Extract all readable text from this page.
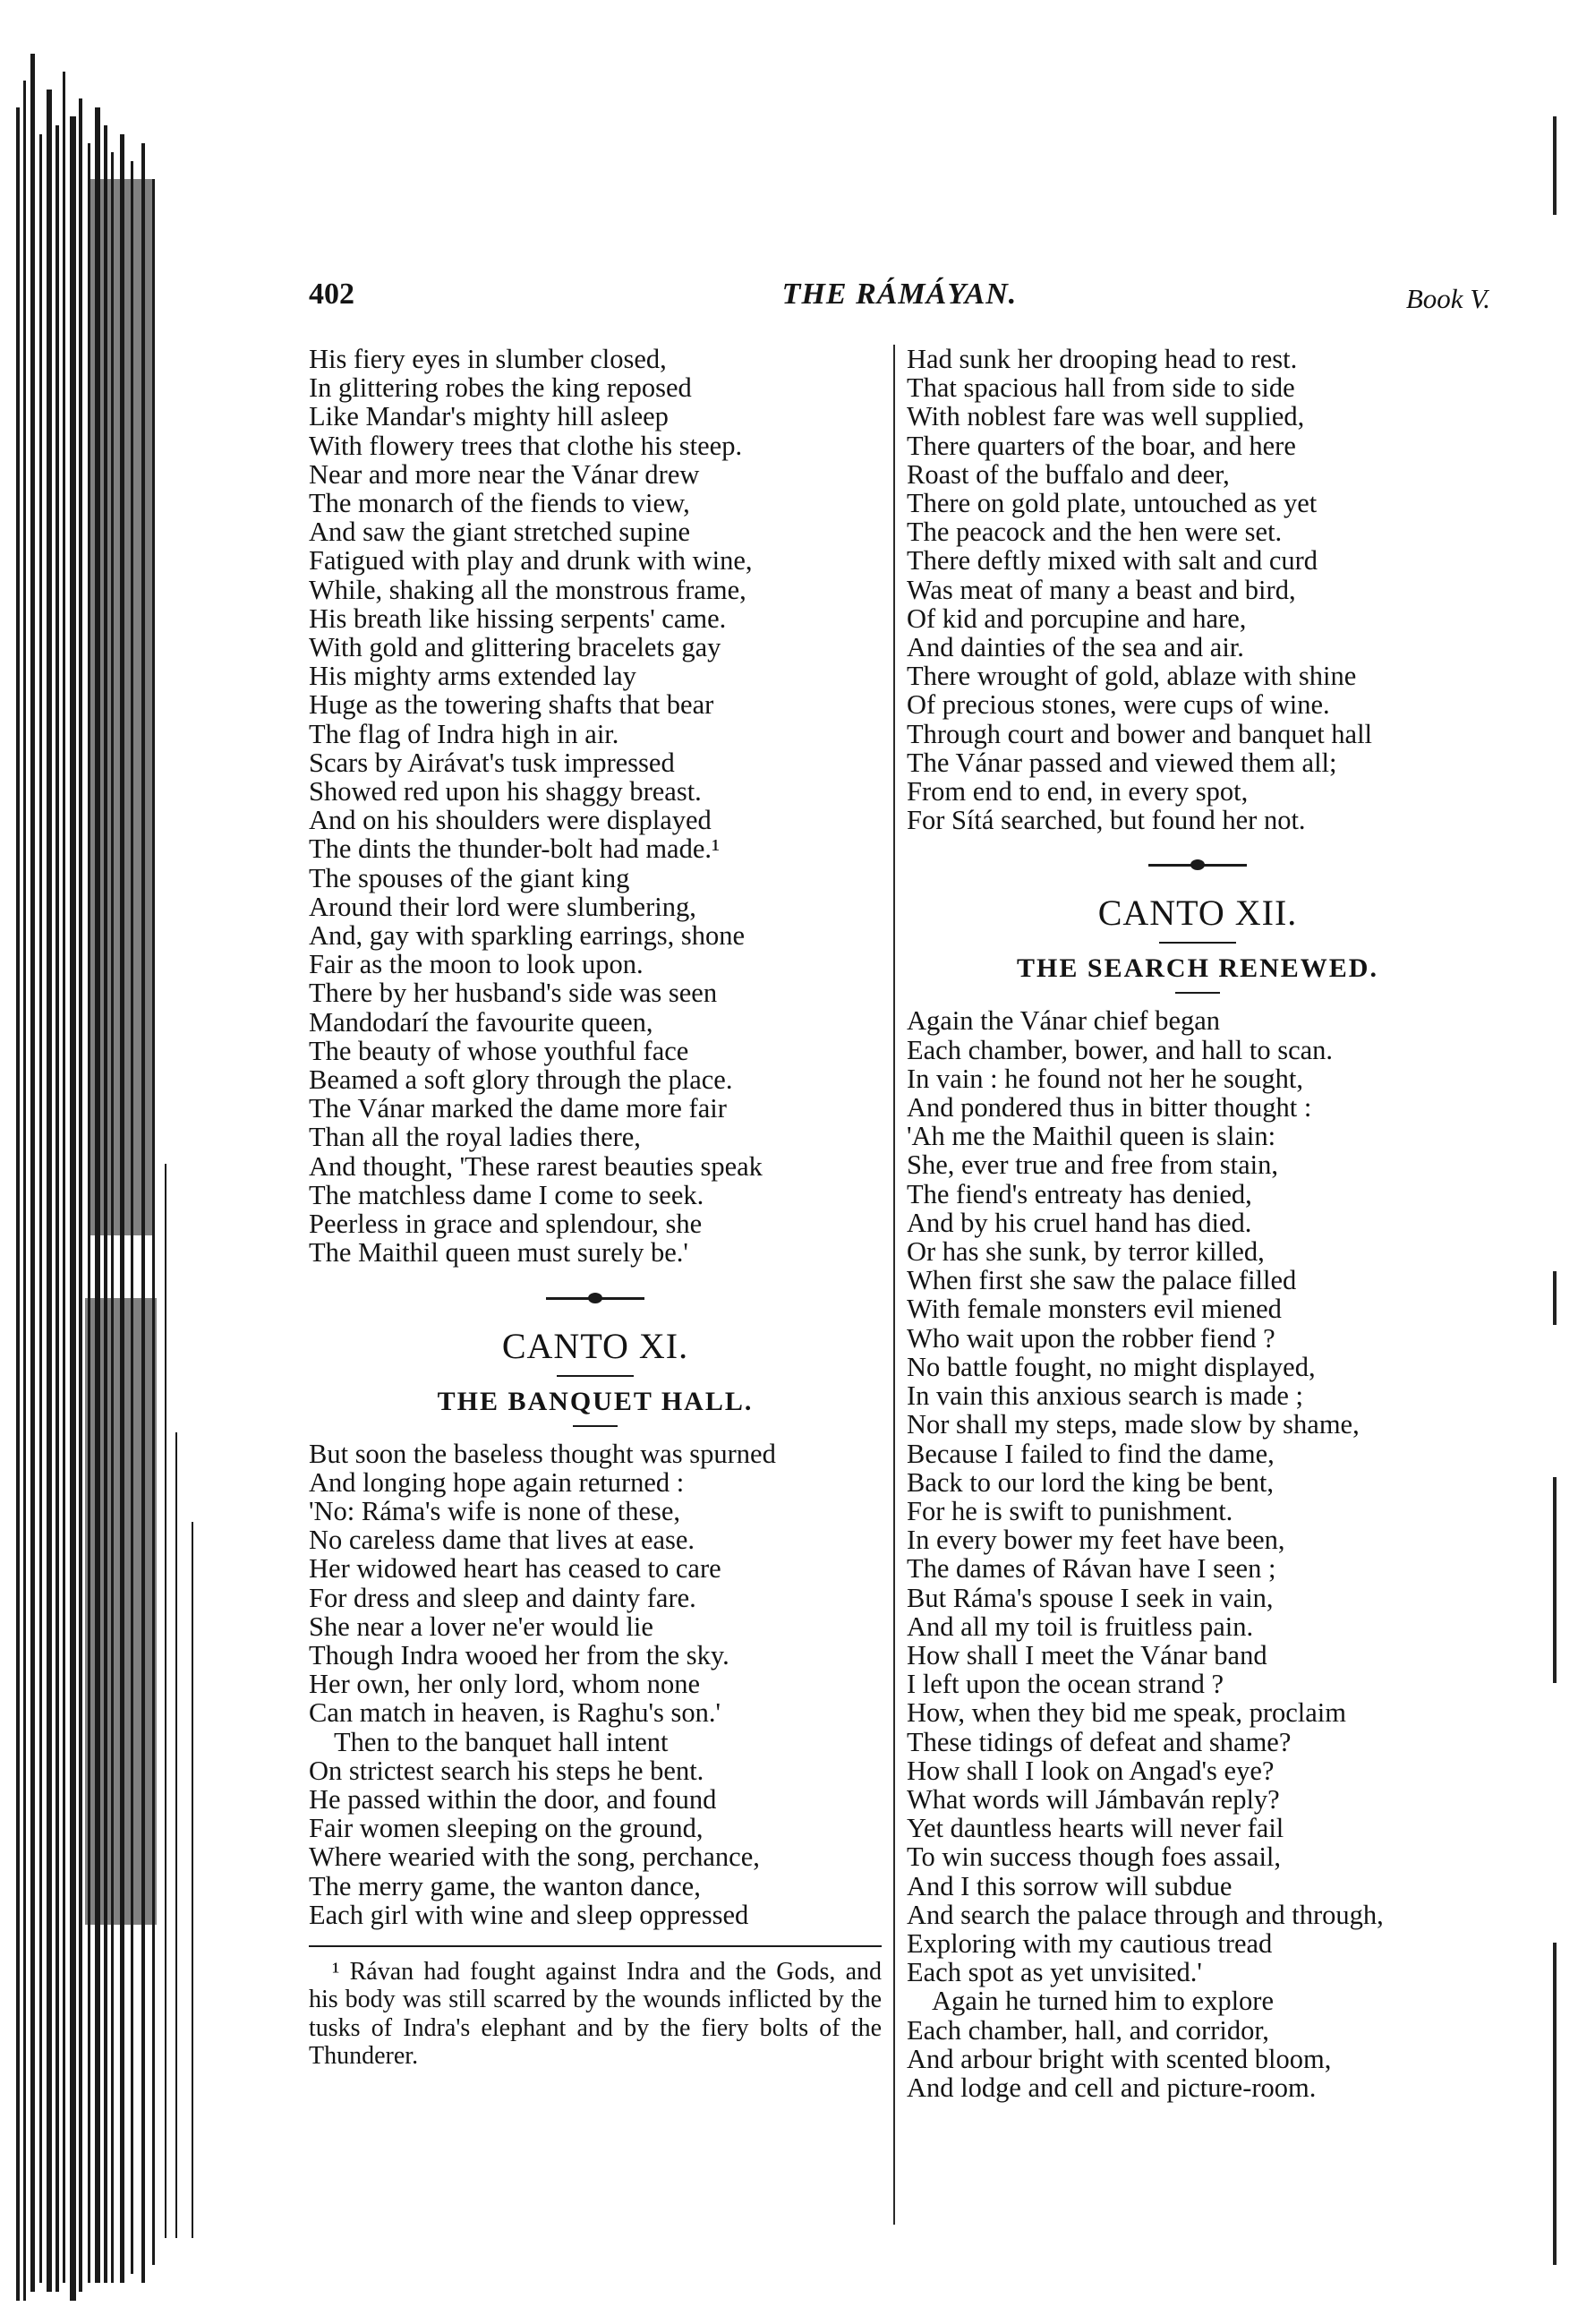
402	THE RÁMÁYAN.	Book V.
His fiery eyes in slumber closed,
In glittering robes the king reposed
Like Mandar's mighty hill asleep
With flowery trees that clothe his steep.
Near and more near the Vánar drew
The monarch of the fiends to view,
And saw the giant stretched supine
Fatigued with play and drunk with wine,
While, shaking all the monstrous frame,
His breath like hissing serpents' came.
With gold and glittering bracelets gay
His mighty arms extended lay
Huge as the towering shafts that bear
The flag of Indra high in air.
Scars by Airávat's tusk impressed
Showed red upon his shaggy breast.
And on his shoulders were displayed
The dints the thunder-bolt had made.¹
The spouses of the giant king
Around their lord were slumbering,
And, gay with sparkling earrings, shone
Fair as the moon to look upon.
There by her husband's side was seen
Mandodarí the favourite queen,
The beauty of whose youthful face
Beamed a soft glory through the place.
The Vánar marked the dame more fair
Than all the royal ladies there,
And thought, 'These rarest beauties speak
The matchless dame I come to seek.
Peerless in grace and splendour, she
The Maithil queen must surely be.'
CANTO XI.
THE BANQUET HALL.
But soon the baseless thought was spurned
And longing hope again returned :
'No: Ráma's wife is none of these,
No careless dame that lives at ease.
Her widowed heart has ceased to care
For dress and sleep and dainty fare.
She near a lover ne'er would lie
Though Indra wooed her from the sky.
Her own, her only lord, whom none
Can match in heaven, is Raghu's son.'
Then to the banquet hall intent
On strictest search his steps he bent.
He passed within the door, and found
Fair women sleeping on the ground,
Where wearied with the song, perchance,
The merry game, the wanton dance,
Each girl with wine and sleep oppressed
¹ Rávan had fought against Indra and the Gods, and his body was still scarred by the wounds inflicted by the tusks of Indra's elephant and by the fiery bolts of the Thunderer.
Had sunk her drooping head to rest.
That spacious hall from side to side
With noblest fare was well supplied,
There quarters of the boar, and here
Roast of the buffalo and deer,
There on gold plate, untouched as yet
The peacock and the hen were set.
There deftly mixed with salt and curd
Was meat of many a beast and bird,
Of kid and porcupine and hare,
And dainties of the sea and air.
There wrought of gold, ablaze with shine
Of precious stones, were cups of wine.
Through court and bower and banquet hall
The Vánar passed and viewed them all;
From end to end, in every spot,
For Sítá searched, but found her not.
CANTO XII.
THE SEARCH RENEWED.
Again the Vánar chief began
Each chamber, bower, and hall to scan.
In vain : he found not her he sought,
And pondered thus in bitter thought :
'Ah me the Maithil queen is slain:
She, ever true and free from stain,
The fiend's entreaty has denied,
And by his cruel hand has died.
Or has she sunk, by terror killed,
When first she saw the palace filled
With female monsters evil miened
Who wait upon the robber fiend ?
No battle fought, no might displayed,
In vain this anxious search is made ;
Nor shall my steps, made slow by shame,
Because I failed to find the dame,
Back to our lord the king be bent,
For he is swift to punishment.
In every bower my feet have been,
The dames of Rávan have I seen ;
But Ráma's spouse I seek in vain,
And all my toil is fruitless pain.
How shall I meet the Vánar band
I left upon the ocean strand ?
How, when they bid me speak, proclaim
These tidings of defeat and shame?
How shall I look on Angad's eye?
What words will Jámbaván reply?
Yet dauntless hearts will never fail
To win success though foes assail,
And I this sorrow will subdue
And search the palace through and through,
Exploring with my cautious tread
Each spot as yet unvisited.'
Again he turned him to explore
Each chamber, hall, and corridor,
And arbour bright with scented bloom,
And lodge and cell and picture-room.
